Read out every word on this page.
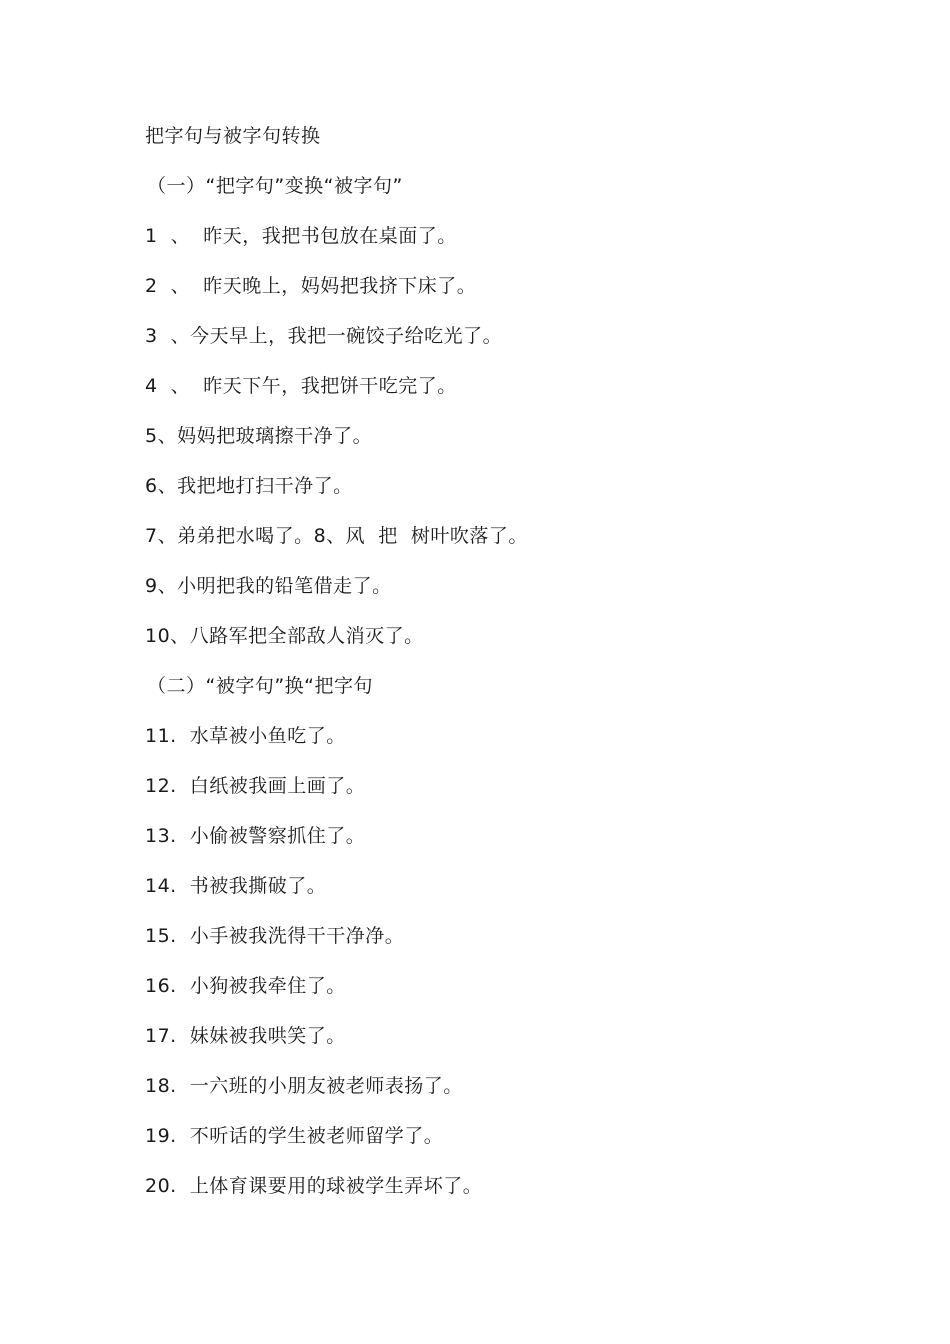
把字句与被字句转换
（一）“把字句”变换“被字句”
1  、  昨天，我把书包放在桌面了。
2  、  昨天晚上，妈妈把我挤下床了。
3  、今天早上，我把一碗饺子给吃光了。
4  、  昨天下午，我把饼干吃完了。
5、妈妈把玻璃擦干净了。
6、我把地打扫干净了。
7、弟弟把水喝了。8、风  把  树叶吹落了。
9、小明把我的铅笔借走了。
10、八路军把全部敌人消灭了。
（二）“被字句”换“把字句
11.  水草被小鱼吃了。
12.  白纸被我画上画了。
13.  小偷被警察抓住了。
14.  书被我撕破了。
15.  小手被我洗得干干净净。
16.  小狗被我牵住了。
17.  妹妹被我哄笑了。
18.  一六班的小朋友被老师表扬了。
19.  不听话的学生被老师留学了。
20.  上体育课要用的球被学生弄坏了。
